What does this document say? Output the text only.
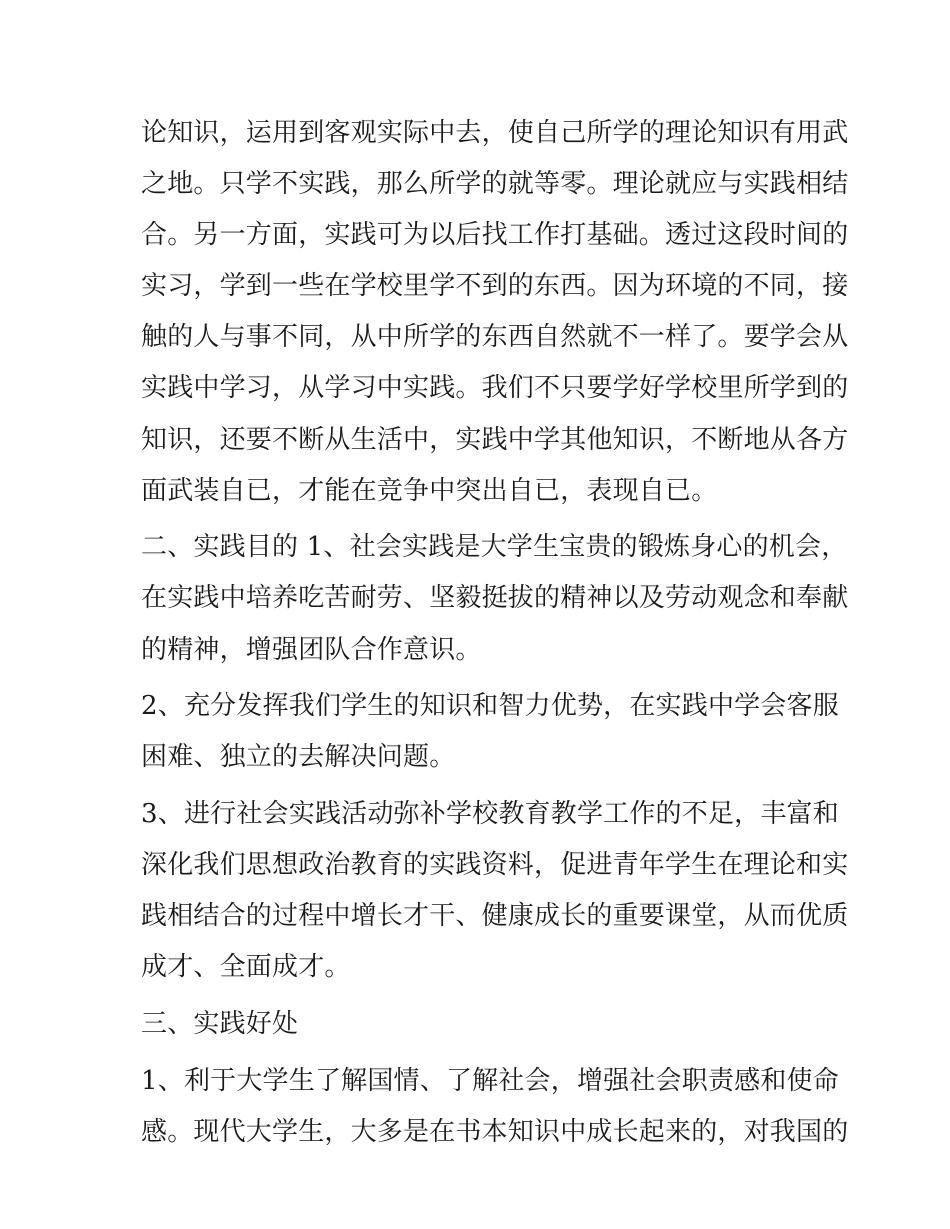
论知识，运用到客观实际中去，使自己所学的理论知识有用武
之地。只学不实践，那么所学的就等零。理论就应与实践相结
合。另一方面，实践可为以后找工作打基础。透过这段时间的
实习，学到一些在学校里学不到的东西。因为环境的不同，接
触的人与事不同，从中所学的东西自然就不一样了。要学会从
实践中学习，从学习中实践。我们不只要学好学校里所学到的
知识，还要不断从生活中，实践中学其他知识，不断地从各方
面武装自已，才能在竞争中突出自已，表现自已。
二、实践目的 1、社会实践是大学生宝贵的锻炼身心的机会，
在实践中培养吃苦耐劳、坚毅挺拔的精神以及劳动观念和奉献
的精神，增强团队合作意识。
2、充分发挥我们学生的知识和智力优势，在实践中学会客服
困难、独立的去解决问题。
3、进行社会实践活动弥补学校教育教学工作的不足，丰富和
深化我们思想政治教育的实践资料，促进青年学生在理论和实
践相结合的过程中增长才干、健康成长的重要课堂，从而优质
成才、全面成才。
三、实践好处
1、利于大学生了解国情、了解社会，增强社会职责感和使命
感。现代大学生，大多是在书本知识中成长起来的，对我国的
